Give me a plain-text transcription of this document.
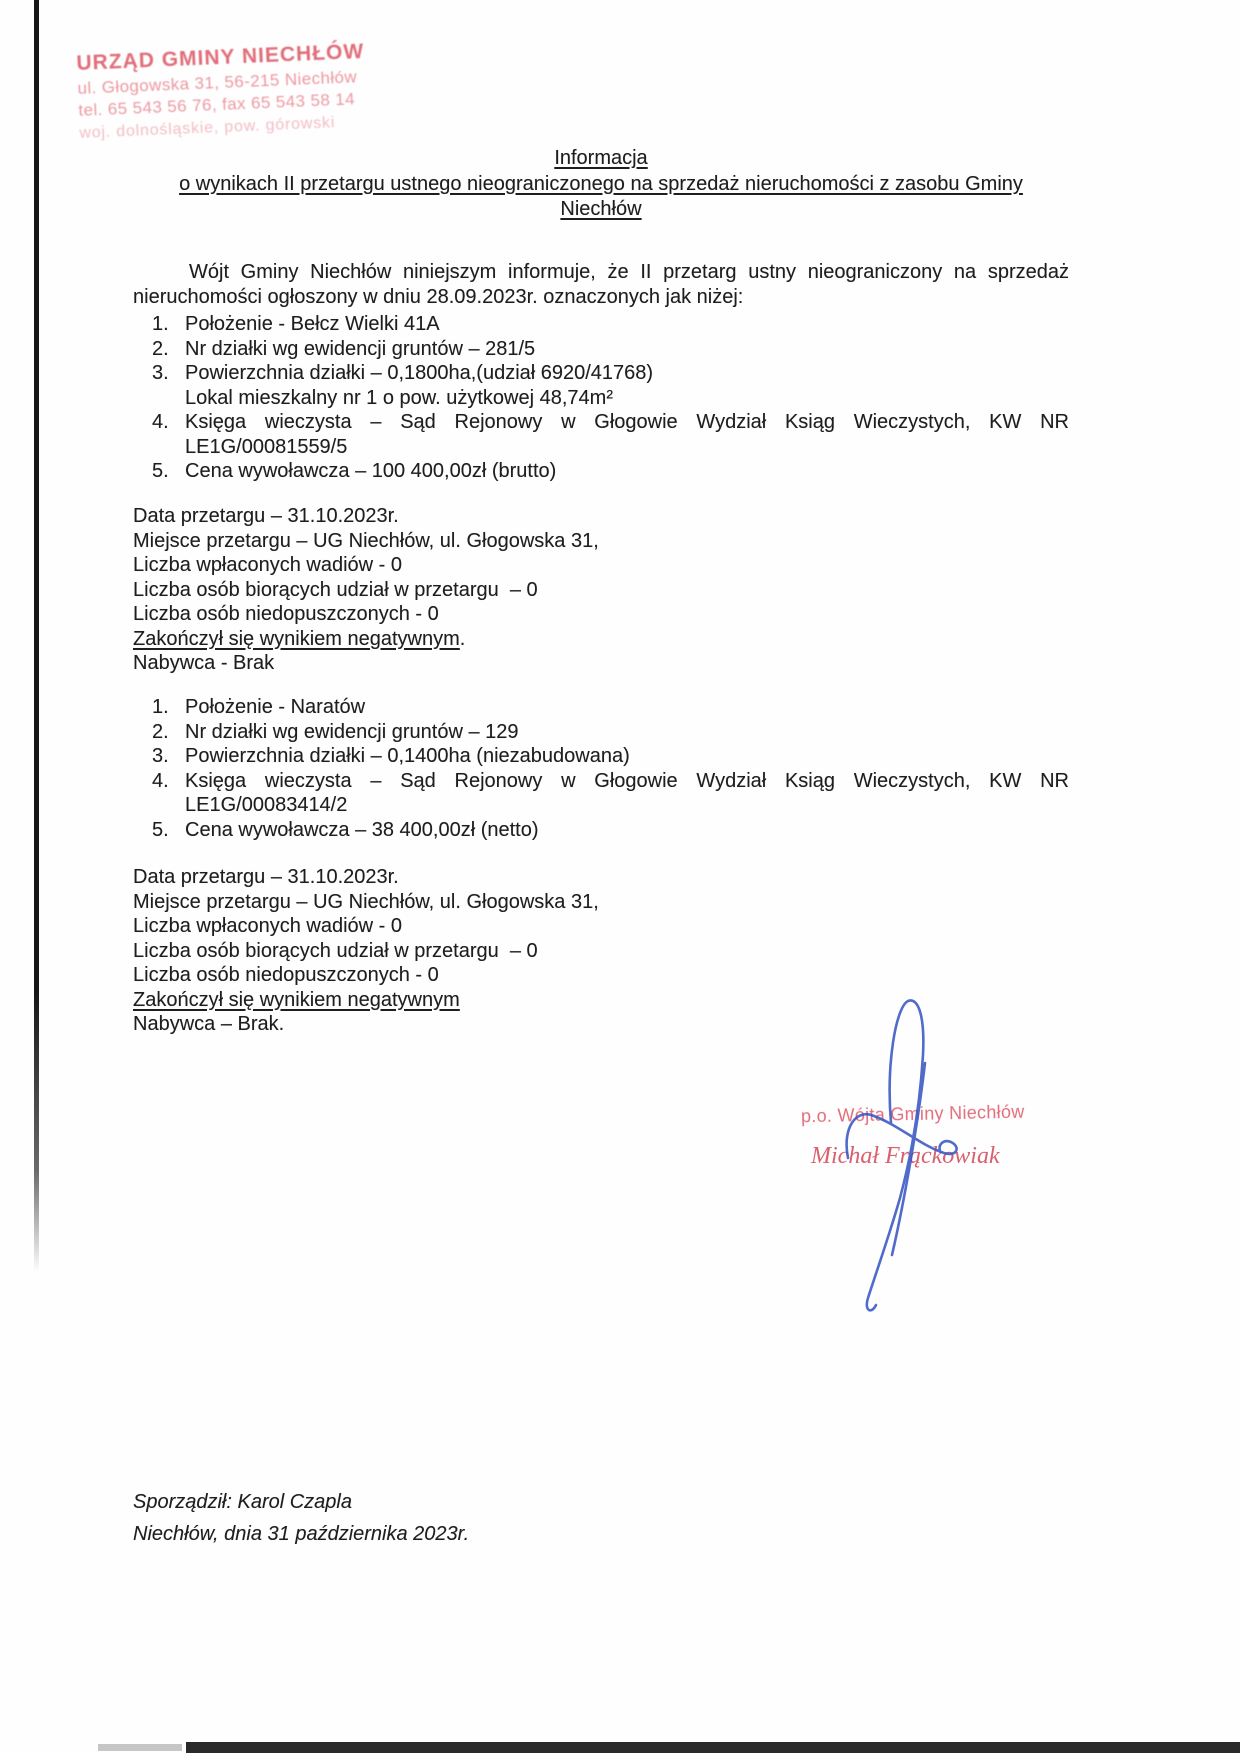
URZĄD GMINY NIECHŁÓW
ul. Głogowska 31, 56-215 Niechłów
tel. 65 543 56 76, fax 65 543 58 14
woj. dolnośląskie, pow. górowski
Informacja
o wynikach II przetargu ustnego nieograniczonego na sprzedaż nieruchomości z zasobu Gminy
Niechłów

Wójt Gminy Niechłów niniejszym informuje, że II przetarg ustny nieograniczony na sprzedaż
nieruchomości ogłoszony w dniu 28.09.2023r. oznaczonych jak niżej:

1. Położenie - Bełcz Wielki 41A
2. Nr działki wg ewidencji gruntów – 281/5
3. Powierzchnia działki – 0,1800ha,(udział 6920/41768)
Lokal mieszkalny nr 1 o pow. użytkowej 48,74m²
4. Księga wieczysta – Sąd Rejonowy w Głogowie Wydział Ksiąg Wieczystych, KW NR
LE1G/00081559/5
5. Cena wywoławcza – 100 400,00zł (brutto)
Data przetargu – 31.10.2023r.
Miejsce przetargu – UG Niechłów, ul. Głogowska 31,
Liczba wpłaconych wadiów - 0
Liczba osób biorących udział w przetargu  – 0
Liczba osób niedopuszczonych - 0
Zakończył się wynikiem negatywnym.
Nabywca - Brak
1. Położenie - Naratów
2. Nr działki wg ewidencji gruntów – 129
3. Powierzchnia działki – 0,1400ha (niezabudowana)
4. Księga wieczysta – Sąd Rejonowy w Głogowie Wydział Ksiąg Wieczystych, KW NR
LE1G/00083414/2
5. Cena wywoławcza – 38 400,00zł (netto)
Data przetargu – 31.10.2023r.
Miejsce przetargu – UG Niechłów, ul. Głogowska 31,
Liczba wpłaconych wadiów - 0
Liczba osób biorących udział w przetargu  – 0
Liczba osób niedopuszczonych - 0
Zakończył się wynikiem negatywnym
Nabywca – Brak.
p.o. Wójta Gminy Niechłów
Michał Frąckowiak
Sporządził: Karol Czapla
Niechłów, dnia 31 października 2023r.
